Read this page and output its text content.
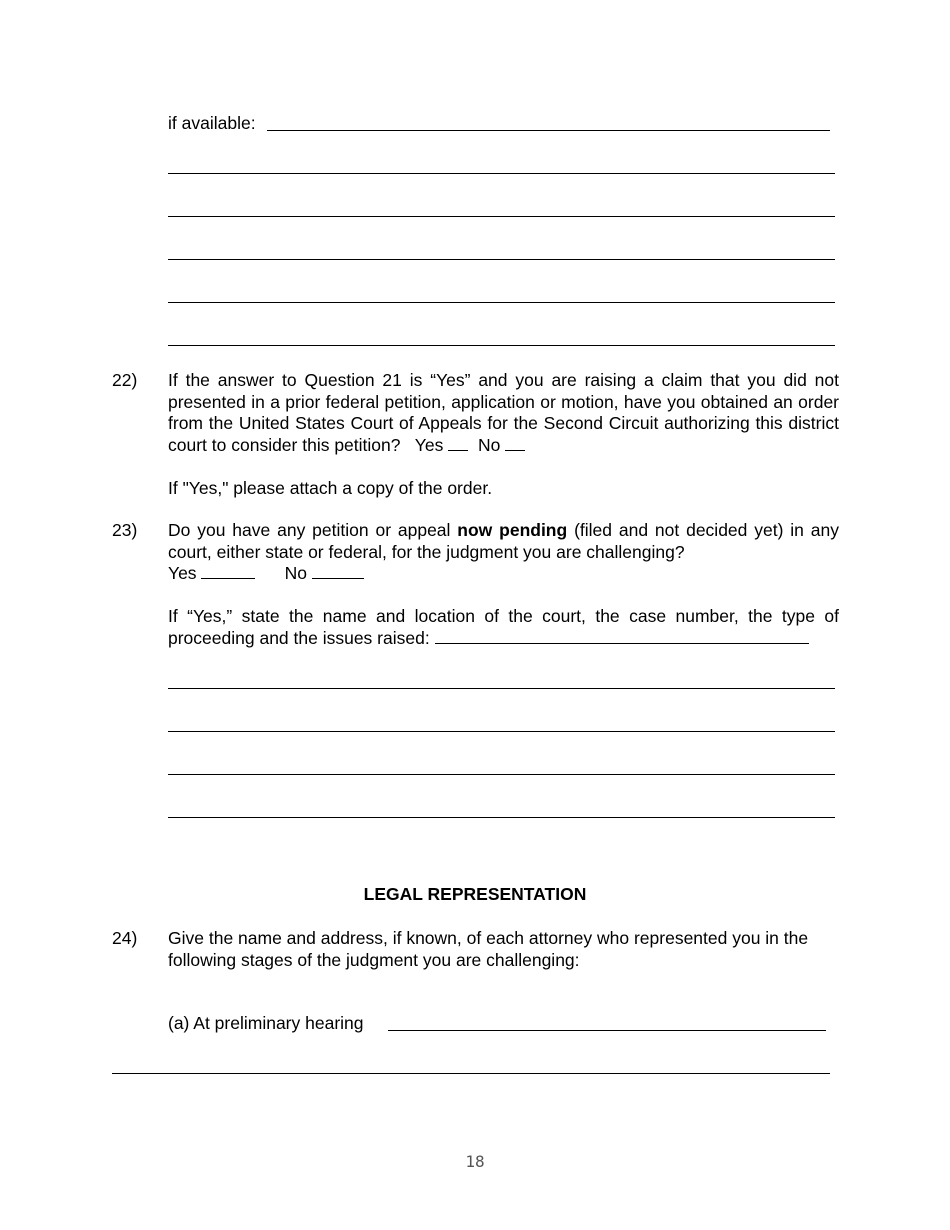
if available:
22) If the answer to Question 21 is “Yes” and you are raising a claim that you did not presented in a prior federal petition, application or motion, have you obtained an order from the United States Court of Appeals for the Second Circuit authorizing this district court to consider this petition? Yes No
If "Yes," please attach a copy of the order.
23) Do you have any petition or appeal now pending (filed and not decided yet) in any court, either state or federal, for the judgment you are challenging?
Yes	No
If “Yes,” state the name and location of the court, the case number, the type of proceeding and the issues raised:
LEGAL REPRESENTATION
24) Give the name and address, if known, of each attorney who represented you in the following stages of the judgment you are challenging:
(a) At preliminary hearing
18
